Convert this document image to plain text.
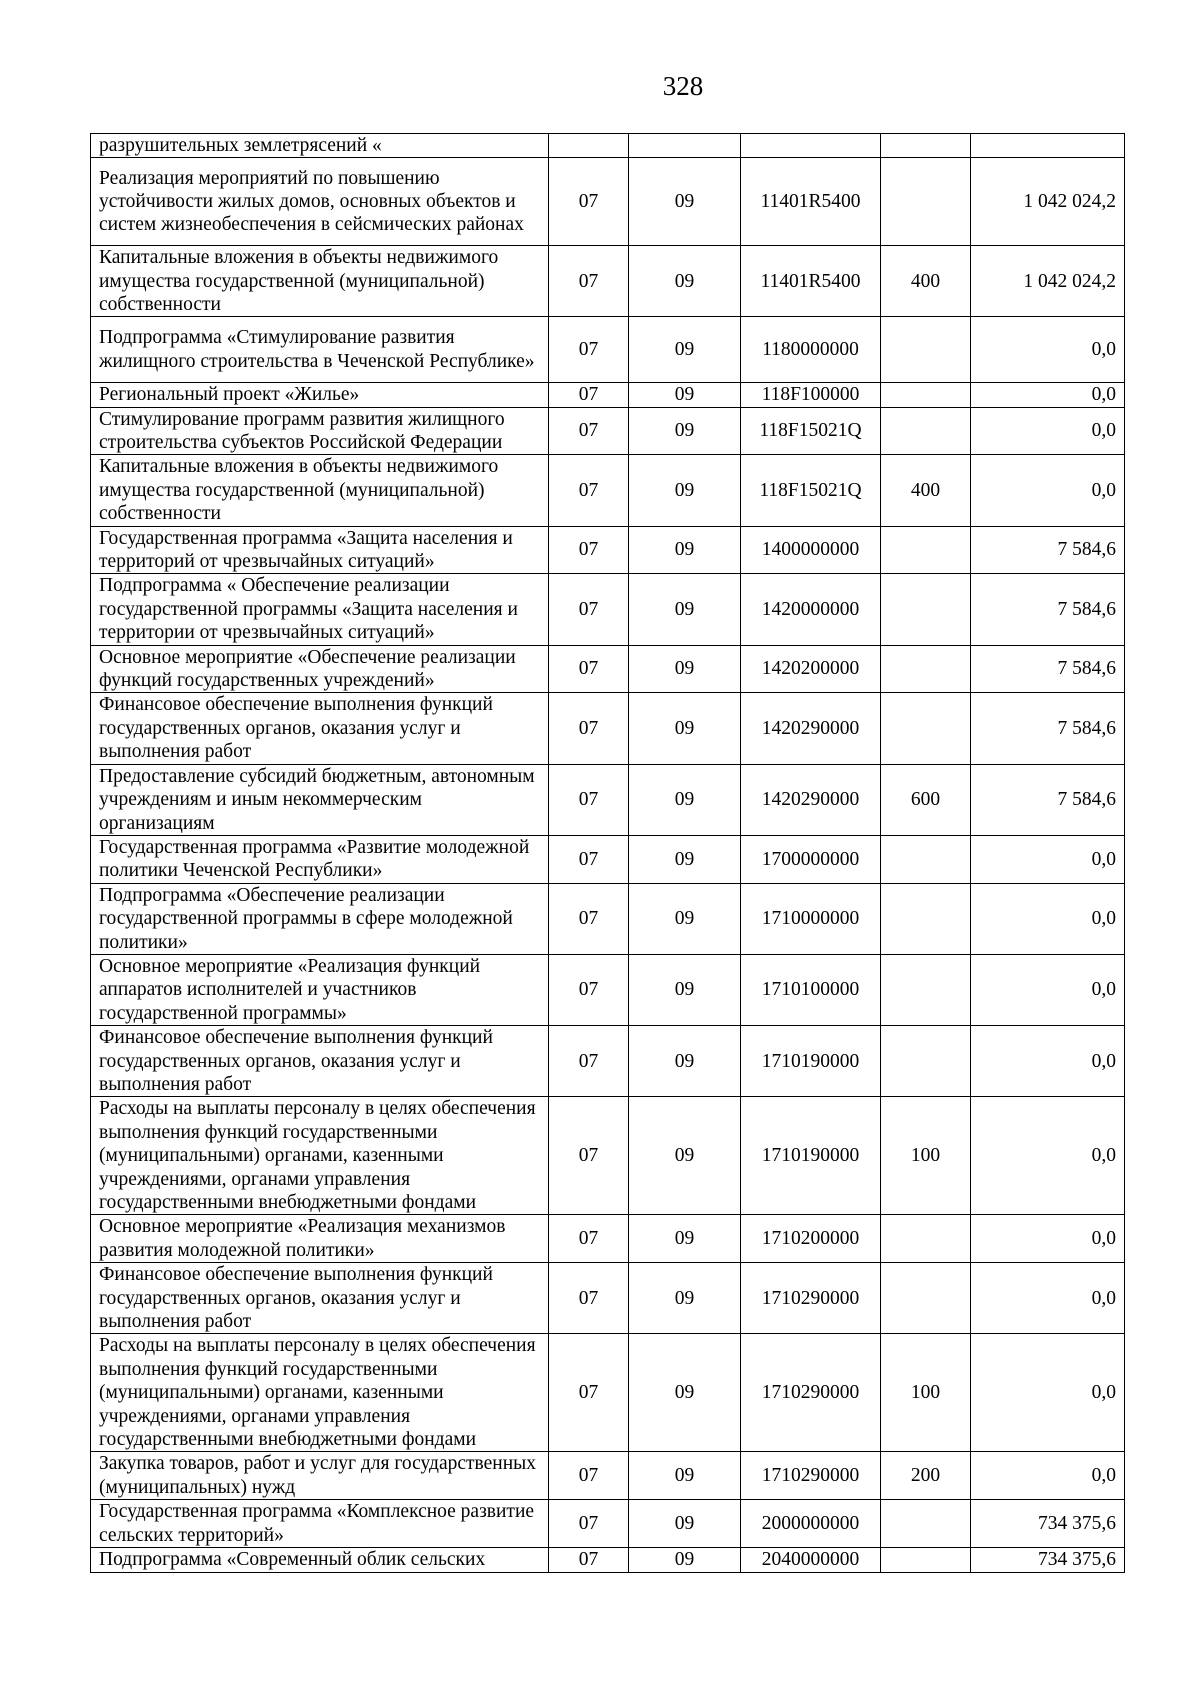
328
разрушительных землетрясений «					
Реализация мероприятий по повышению устойчивости жилых домов, основных объектов и систем жизнеобеспечения в сейсмических районах	07	09	11401R5400		1 042 024,2
Капитальные вложения в объекты недвижимого имущества государственной (муниципальной) собственности	07	09	11401R5400	400	1 042 024,2
Подпрограмма «Стимулирование развития жилищного строительства в Чеченской Республике»	07	09	1180000000		0,0
Региональный проект «Жилье»	07	09	118F100000		0,0
Стимулирование программ развития жилищного строительства субъектов Российской Федерации	07	09	118F15021Q		0,0
Капитальные вложения в объекты недвижимого имущества государственной (муниципальной) собственности	07	09	118F15021Q	400	0,0
Государственная программа «Защита населения и территорий от чрезвычайных ситуаций»	07	09	1400000000		7 584,6
Подпрограмма « Обеспечение реализации государственной программы «Защита населения и территории от чрезвычайных ситуаций»	07	09	1420000000		7 584,6
Основное мероприятие «Обеспечение реализации функций государственных учреждений»	07	09	1420200000		7 584,6
Финансовое обеспечение выполнения функций государственных органов, оказания услуг и выполнения работ	07	09	1420290000		7 584,6
Предоставление субсидий бюджетным, автономным учреждениям и иным некоммерческим организациям	07	09	1420290000	600	7 584,6
Государственная программа «Развитие молодежной политики Чеченской Республики»	07	09	1700000000		0,0
Подпрограмма «Обеспечение реализации государственной программы в сфере молодежной политики»	07	09	1710000000		0,0
Основное мероприятие «Реализация функций аппаратов исполнителей и участников государственной программы»	07	09	1710100000		0,0
Финансовое обеспечение выполнения функций государственных органов, оказания услуг и выполнения работ	07	09	1710190000		0,0
Расходы на выплаты персоналу в целях обеспечения выполнения функций государственными (муниципальными) органами, казенными учреждениями, органами управления государственными внебюджетными фондами	07	09	1710190000	100	0,0
Основное мероприятие «Реализация механизмов развития молодежной политики»	07	09	1710200000		0,0
Финансовое обеспечение выполнения функций государственных органов, оказания услуг и выполнения работ	07	09	1710290000		0,0
Расходы на выплаты персоналу в целях обеспечения выполнения функций государственными (муниципальными) органами, казенными учреждениями, органами управления государственными внебюджетными фондами	07	09	1710290000	100	0,0
Закупка товаров, работ и услуг для государственных (муниципальных) нужд	07	09	1710290000	200	0,0
Государственная программа «Комплексное развитие сельских территорий»	07	09	2000000000		734 375,6
Подпрограмма «Современный облик сельских	07	09	2040000000		734 375,6
